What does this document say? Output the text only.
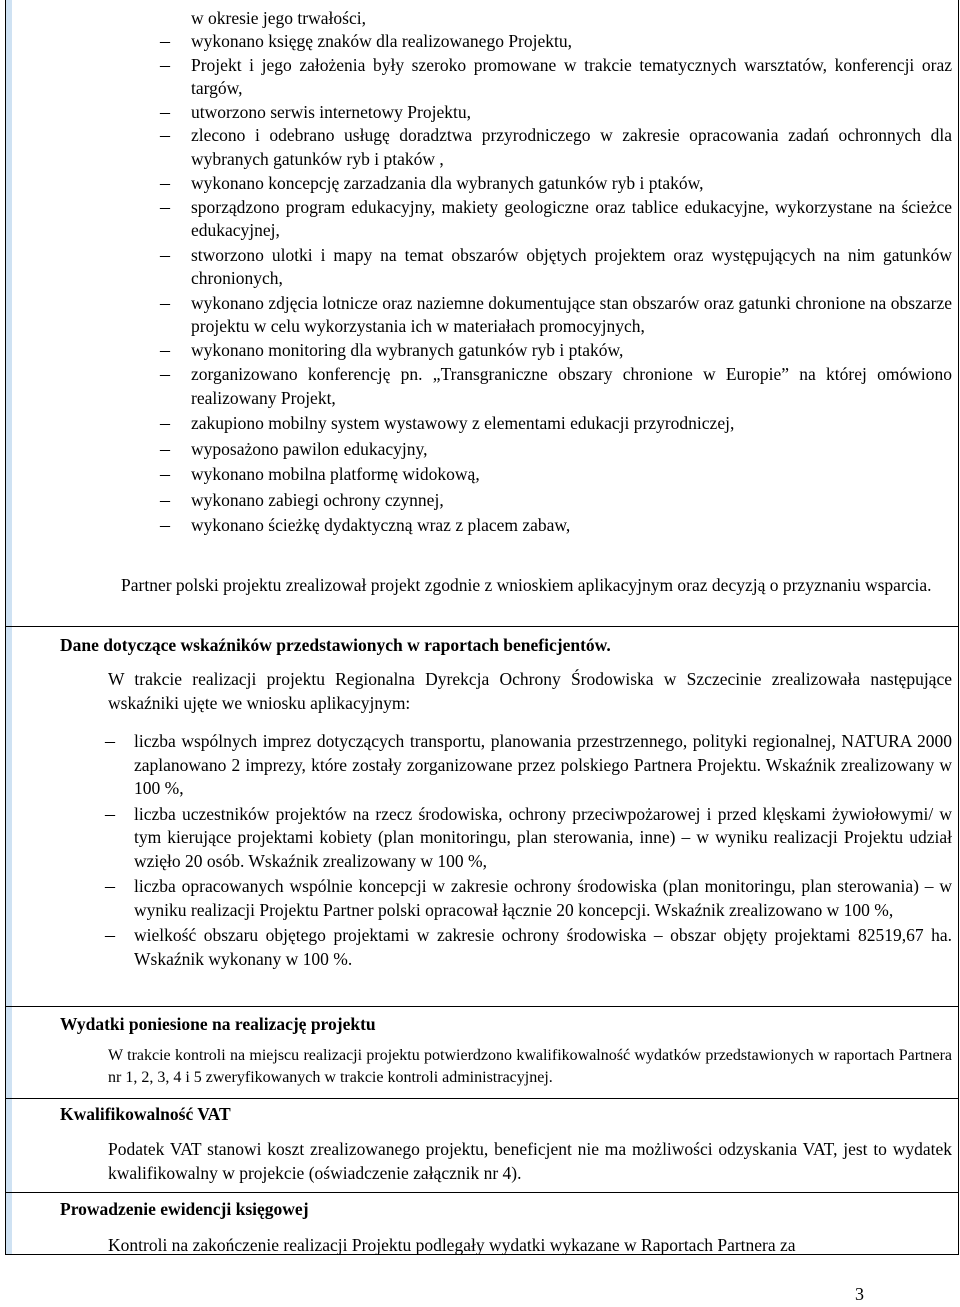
w okresie jego trwałości,
– wykonano księgę znaków dla realizowanego Projektu,
– Projekt i jego założenia były szeroko promowane w trakcie tematycznych warsztatów, konferencji oraz targów,
– utworzono serwis internetowy Projektu,
– zlecono i odebrano usługę doradztwa przyrodniczego w zakresie opracowania zadań ochronnych dla wybranych gatunków ryb i ptaków ,
– wykonano koncepcję zarzadzania dla wybranych gatunków ryb i ptaków,
– sporządzono program edukacyjny, makiety geologiczne oraz tablice edukacyjne, wykorzystane na ścieżce edukacyjnej,
– stworzono ulotki i mapy na temat obszarów objętych projektem oraz występujących na nim gatunków chronionych,
– wykonano zdjęcia lotnicze oraz naziemne dokumentujące stan obszarów oraz gatunki chronione na obszarze projektu w celu wykorzystania ich w materiałach promocyjnych,
– wykonano monitoring dla wybranych gatunków ryb i ptaków,
– zorganizowano konferencję pn. „Transgraniczne obszary chronione w Europie” na której omówiono realizowany Projekt,
– zakupiono mobilny system wystawowy z elementami edukacji przyrodniczej,
– wyposażono pawilon edukacyjny,
– wykonano mobilna platformę widokową,
– wykonano zabiegi ochrony czynnej,
– wykonano ścieżkę dydaktyczną wraz z placem zabaw,
Partner polski projektu zrealizował projekt zgodnie z wnioskiem aplikacyjnym oraz decyzją o przyznaniu wsparcia.
Dane dotyczące wskaźników przedstawionych w raportach beneficjentów.
W trakcie realizacji projektu Regionalna Dyrekcja Ochrony Środowiska w Szczecinie zrealizowała następujące wskaźniki ujęte we wniosku aplikacyjnym:
– liczba wspólnych imprez dotyczących transportu, planowania przestrzennego, polityki regionalnej, NATURA 2000 zaplanowano 2 imprezy, które zostały zorganizowane przez polskiego Partnera Projektu. Wskaźnik zrealizowany w 100 %,
– liczba uczestników projektów na rzecz środowiska, ochrony przeciwpożarowej i przed klęskami żywiołowymi/ w tym kierujące projektami kobiety (plan monitoringu, plan sterowania, inne) – w wyniku realizacji Projektu udział wzięło 20 osób. Wskaźnik zrealizowany w 100 %,
– liczba opracowanych wspólnie koncepcji w zakresie ochrony środowiska (plan monitoringu, plan sterowania) – w wyniku realizacji Projektu Partner polski opracował łącznie 20 koncepcji. Wskaźnik zrealizowano w 100 %,
– wielkość obszaru objętego projektami w zakresie ochrony środowiska – obszar objęty projektami 82519,67 ha. Wskaźnik wykonany w 100 %.
Wydatki poniesione na realizację projektu
W trakcie kontroli na miejscu realizacji projektu potwierdzono kwalifikowalność wydatków przedstawionych w raportach Partnera nr 1, 2, 3, 4 i 5 zweryfikowanych w trakcie kontroli administracyjnej.
Kwalifikowalność VAT
Podatek VAT stanowi koszt zrealizowanego projektu, beneficjent nie ma możliwości odzyskania VAT, jest to wydatek kwalifikowalny w projekcie (oświadczenie załącznik nr 4).
Prowadzenie ewidencji księgowej
Kontroli na zakończenie realizacji Projektu podlegały wydatki wykazane w Raportach Partnera za
3
